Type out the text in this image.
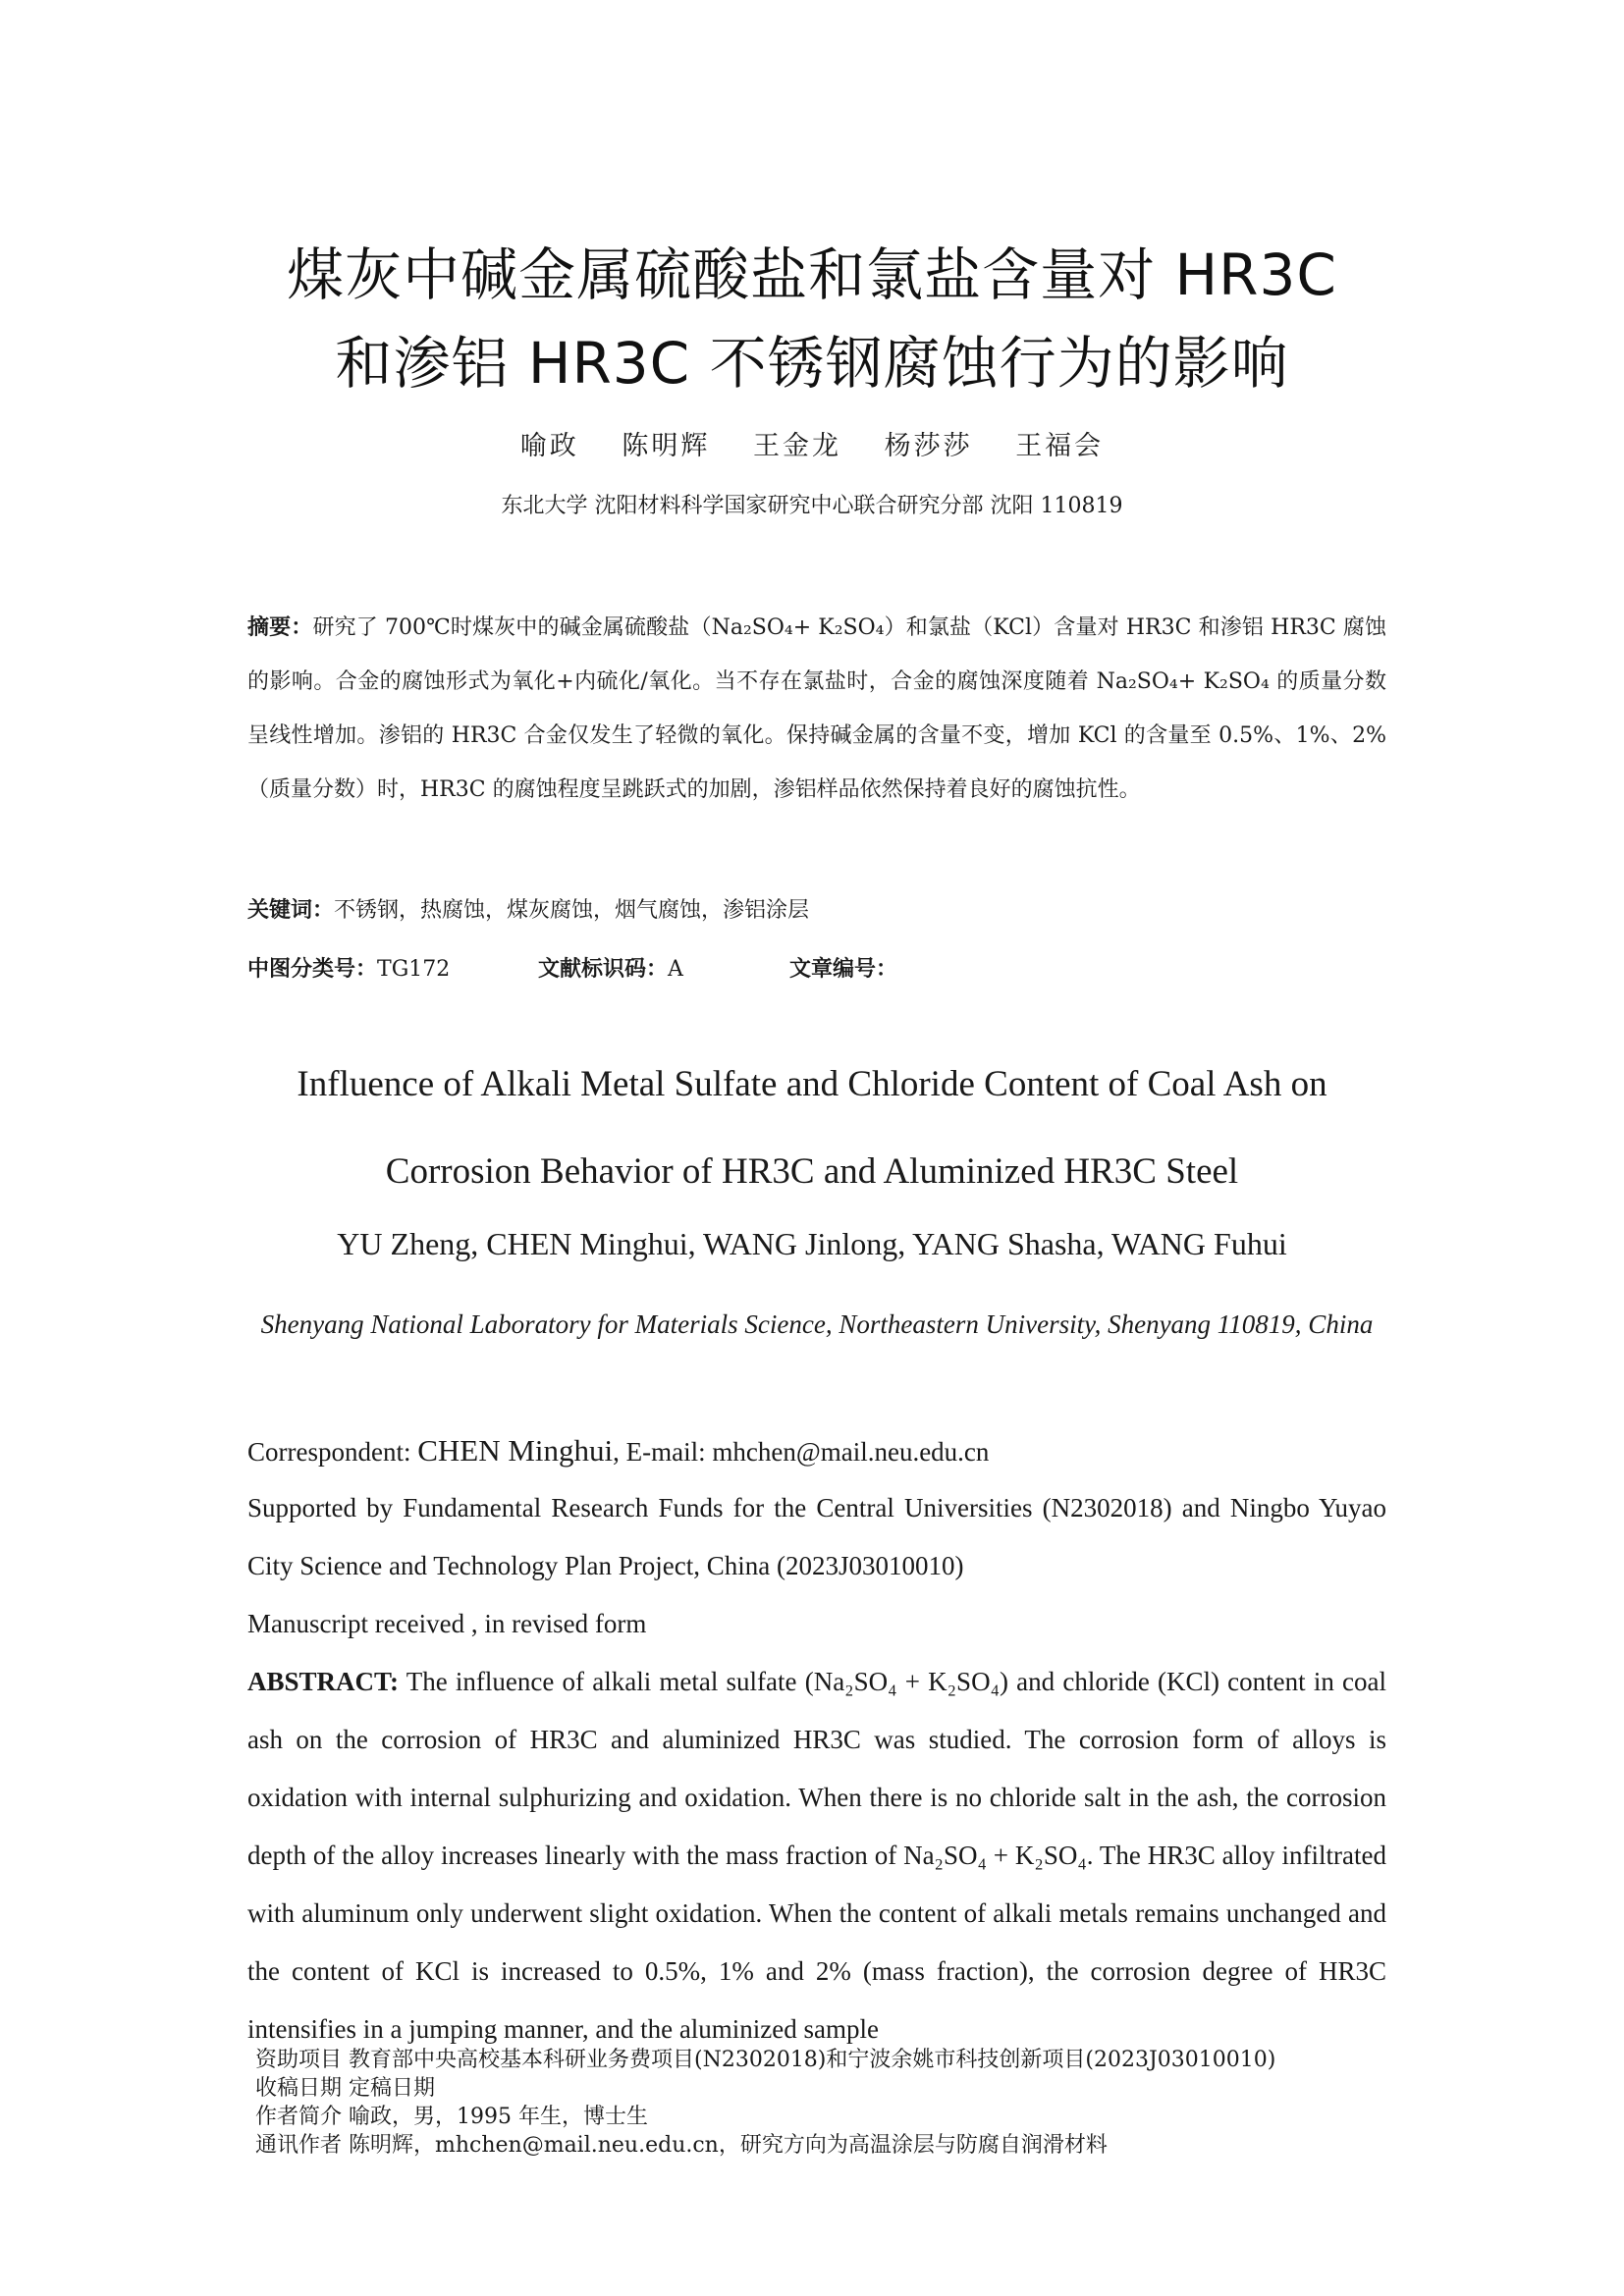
煤灰中碱金属硫酸盐和氯盐含量对 HR3C
和渗铝 HR3C 不锈钢腐蚀行为的影响
喻政 陈明辉 王金龙 杨莎莎 王福会
东北大学 沈阳材料科学国家研究中心联合研究分部 沈阳 110819
摘要：研究了 700℃时煤灰中的碱金属硫酸盐（Na₂SO₄+ K₂SO₄）和氯盐（KCl）含量对 HR3C 和渗铝 HR3C 腐蚀的影响。合金的腐蚀形式为氧化+内硫化/氧化。当不存在氯盐时，合金的腐蚀深度随着 Na₂SO₄+ K₂SO₄ 的质量分数呈线性增加。渗铝的 HR3C 合金仅发生了轻微的氧化。保持碱金属的含量不变，增加 KCl 的含量至 0.5%、1%、2%（质量分数）时，HR3C 的腐蚀程度呈跳跃式的加剧，渗铝样品依然保持着良好的腐蚀抗性。
关键词：不锈钢，热腐蚀，煤灰腐蚀，烟气腐蚀，渗铝涂层
中图分类号：TG172	文献标识码：A	文章编号：
Influence of Alkali Metal Sulfate and Chloride Content of Coal Ash on
Corrosion Behavior of HR3C and Aluminized HR3C Steel
YU Zheng, CHEN Minghui, WANG Jinlong, YANG Shasha, WANG Fuhui
Shenyang National Laboratory for Materials Science, Northeastern University, Shenyang 110819, China
Correspondent: CHEN Minghui, E-mail: mhchen@mail.neu.edu.cn
Supported by Fundamental Research Funds for the Central Universities (N2302018) and Ningbo Yuyao City Science and Technology Plan Project, China (2023J03010010)
Manuscript received , in revised form
ABSTRACT: The influence of alkali metal sulfate (Na₂SO₄ + K₂SO₄) and chloride (KCl) content in coal ash on the corrosion of HR3C and aluminized HR3C was studied. The corrosion form of alloys is oxidation with internal sulphurizing and oxidation. When there is no chloride salt in the ash, the corrosion depth of the alloy increases linearly with the mass fraction of Na₂SO₄ + K₂SO₄. The HR3C alloy infiltrated with aluminum only underwent slight oxidation. When the content of alkali metals remains unchanged and the content of KCl is increased to 0.5%, 1% and 2% (mass fraction), the corrosion degree of HR3C intensifies in a jumping manner, and the aluminized sample
资助项目 教育部中央高校基本科研业务费项目(N2302018)和宁波余姚市科技创新项目(2023J03010010)
收稿日期 定稿日期
作者简介 喻政，男，1995 年生，博士生
通讯作者 陈明辉，mhchen@mail.neu.edu.cn，研究方向为高温涂层与防腐自润滑材料
